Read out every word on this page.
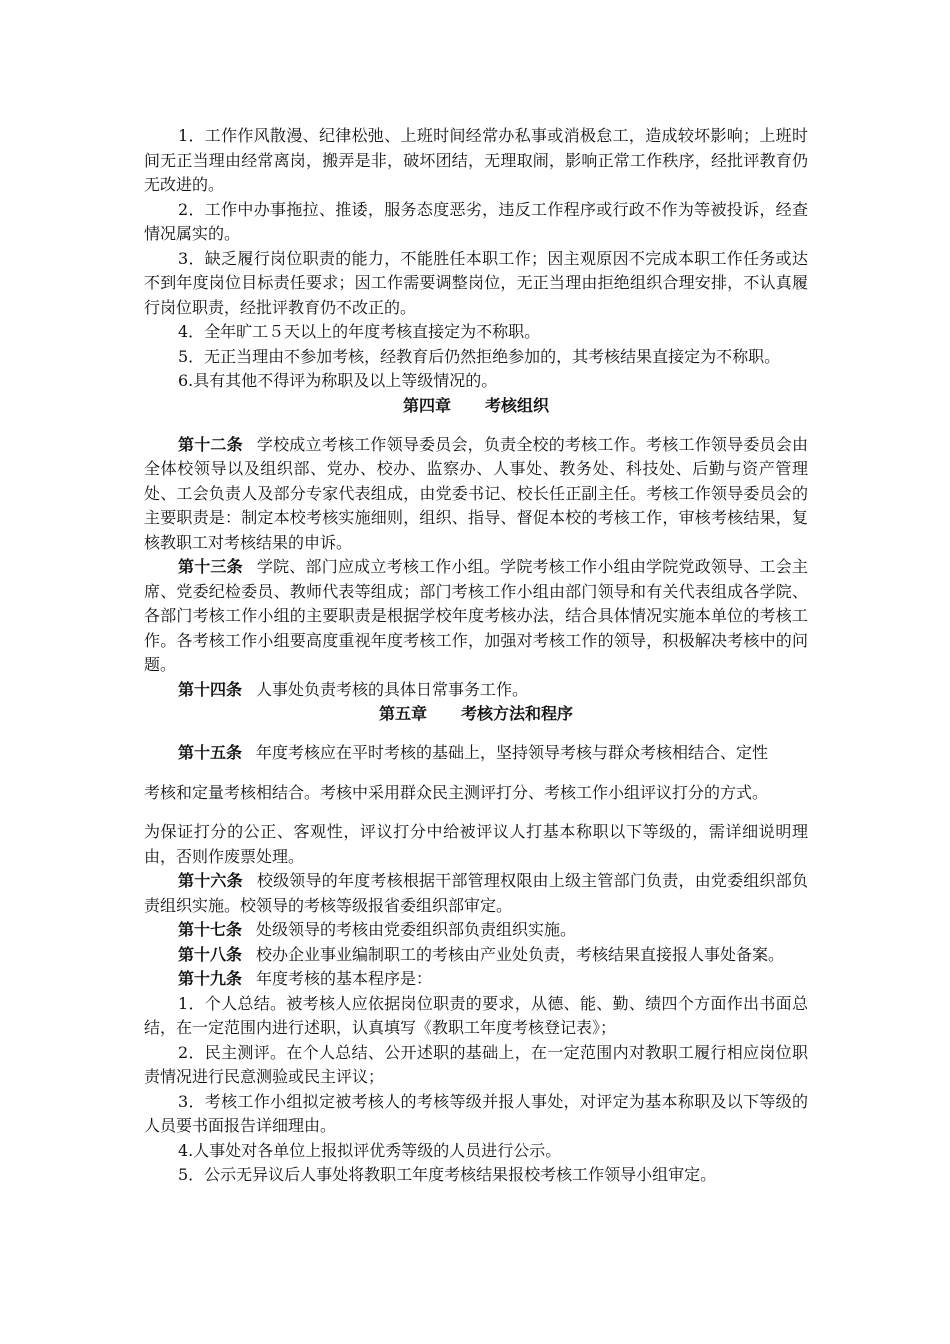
1．工作作风散漫、纪律松弛、上班时间经常办私事或消极怠工，造成较坏影响；上班时间无正当理由经常离岗，搬弄是非，破坏团结，无理取闹，影响正常工作秩序，经批评教育仍无改进的。

2．工作中办事拖拉、推诿，服务态度恶劣，违反工作程序或行政不作为等被投诉，经查情况属实的。

3．缺乏履行岗位职责的能力，不能胜任本职工作；因主观原因不完成本职工作任务或达不到年度岗位目标责任要求；因工作需要调整岗位，无正当理由拒绝组织合理安排，不认真履行岗位职责，经批评教育仍不改正的。

4．全年旷工５天以上的年度考核直接定为不称职。

5．无正当理由不参加考核，经教育后仍然拒绝参加的，其考核结果直接定为不称职。

6.具有其他不得评为称职及以上等级情况的。

第四章 考核组织

第十二条 学校成立考核工作领导委员会，负责全校的考核工作。考核工作领导委员会由全体校领导以及组织部、党办、校办、监察办、人事处、教务处、科技处、后勤与资产管理处、工会负责人及部分专家代表组成，由党委书记、校长任正副主任。考核工作领导委员会的主要职责是：制定本校考核实施细则，组织、指导、督促本校的考核工作，审核考核结果，复核教职工对考核结果的申诉。

第十三条 学院、部门应成立考核工作小组。学院考核工作小组由学院党政领导、工会主席、党委纪检委员、教师代表等组成；部门考核工作小组由部门领导和有关代表组成各学院、各部门考核工作小组的主要职责是根据学校年度考核办法，结合具体情况实施本单位的考核工作。各考核工作小组要高度重视年度考核工作，加强对考核工作的领导，积极解决考核中的问题。

第十四条 人事处负责考核的具体日常事务工作。

第五章 考核方法和程序

第十五条 年度考核应在平时考核的基础上，坚持领导考核与群众考核相结合、定性

考核和定量考核相结合。考核中采用群众民主测评打分、考核工作小组评议打分的方式。

为保证打分的公正、客观性，评议打分中给被评议人打基本称职以下等级的，需详细说明理由，否则作废票处理。

第十六条 校级领导的年度考核根据干部管理权限由上级主管部门负责，由党委组织部负责组织实施。校领导的考核等级报省委组织部审定。

第十七条 处级领导的考核由党委组织部负责组织实施。

第十八条 校办企业事业编制职工的考核由产业处负责，考核结果直接报人事处备案。

第十九条 年度考核的基本程序是：

1．个人总结。被考核人应依据岗位职责的要求，从德、能、勤、绩四个方面作出书面总结，在一定范围内进行述职，认真填写《教职工年度考核登记表》；

2．民主测评。在个人总结、公开述职的基础上，在一定范围内对教职工履行相应岗位职责情况进行民意测验或民主评议；

3．考核工作小组拟定被考核人的考核等级并报人事处，对评定为基本称职及以下等级的人员要书面报告详细理由。

4.人事处对各单位上报拟评优秀等级的人员进行公示。

5．公示无异议后人事处将教职工年度考核结果报校考核工作领导小组审定。
